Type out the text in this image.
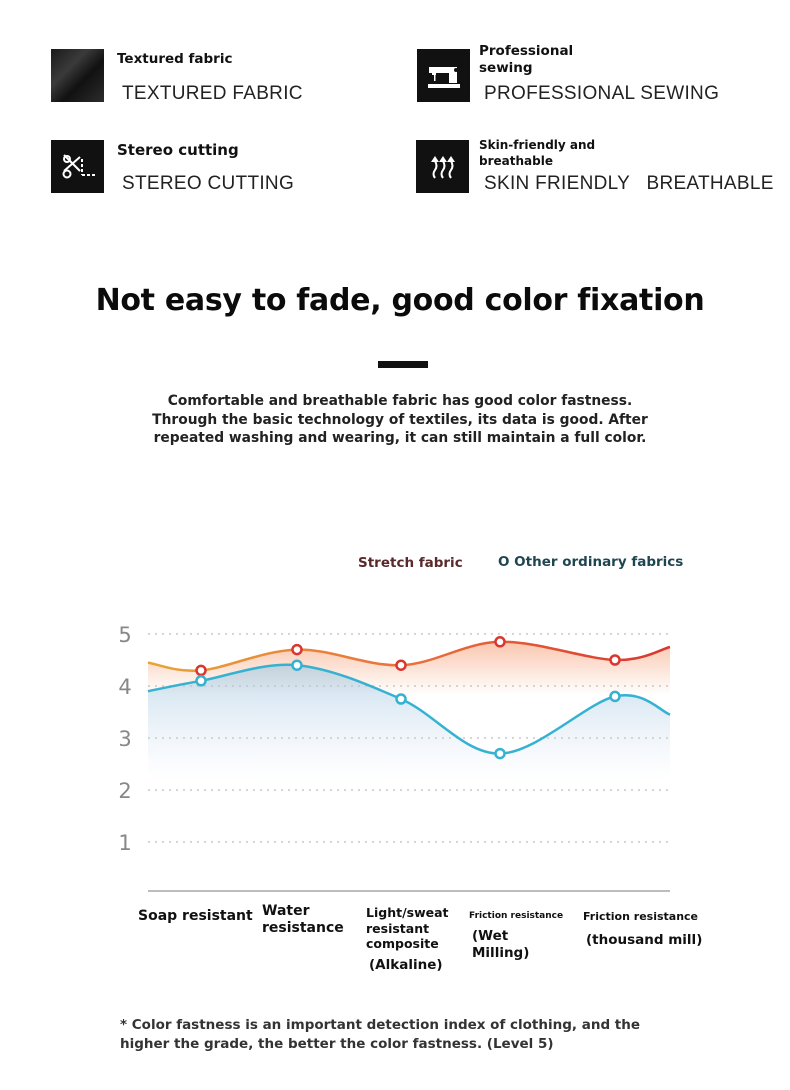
Textured fabric
TEXTURED FABRIC
Professional sewing
PROFESSIONAL SEWING
Stereo cutting
STEREO CUTTING
Skin-friendly and breathable
SKIN FRIENDLY   BREATHABLE
Not easy to fade, good color fixation
Comfortable and breathable fabric has good color fastness. Through the basic technology of textiles, its data is good. After repeated washing and wearing, it can still maintain a full color.
Stretch fabric	O Other ordinary fabrics
1
2
3
4
5
Soap resistant Water
resistance
Light/sweat
resistant
composite
(Alkaline)
Friction resistance
(Wet
Milling)
Friction resistance
(thousand mill)
* Color fastness is an important detection index of clothing, and the higher the grade, the better the color fastness. (Level 5)
